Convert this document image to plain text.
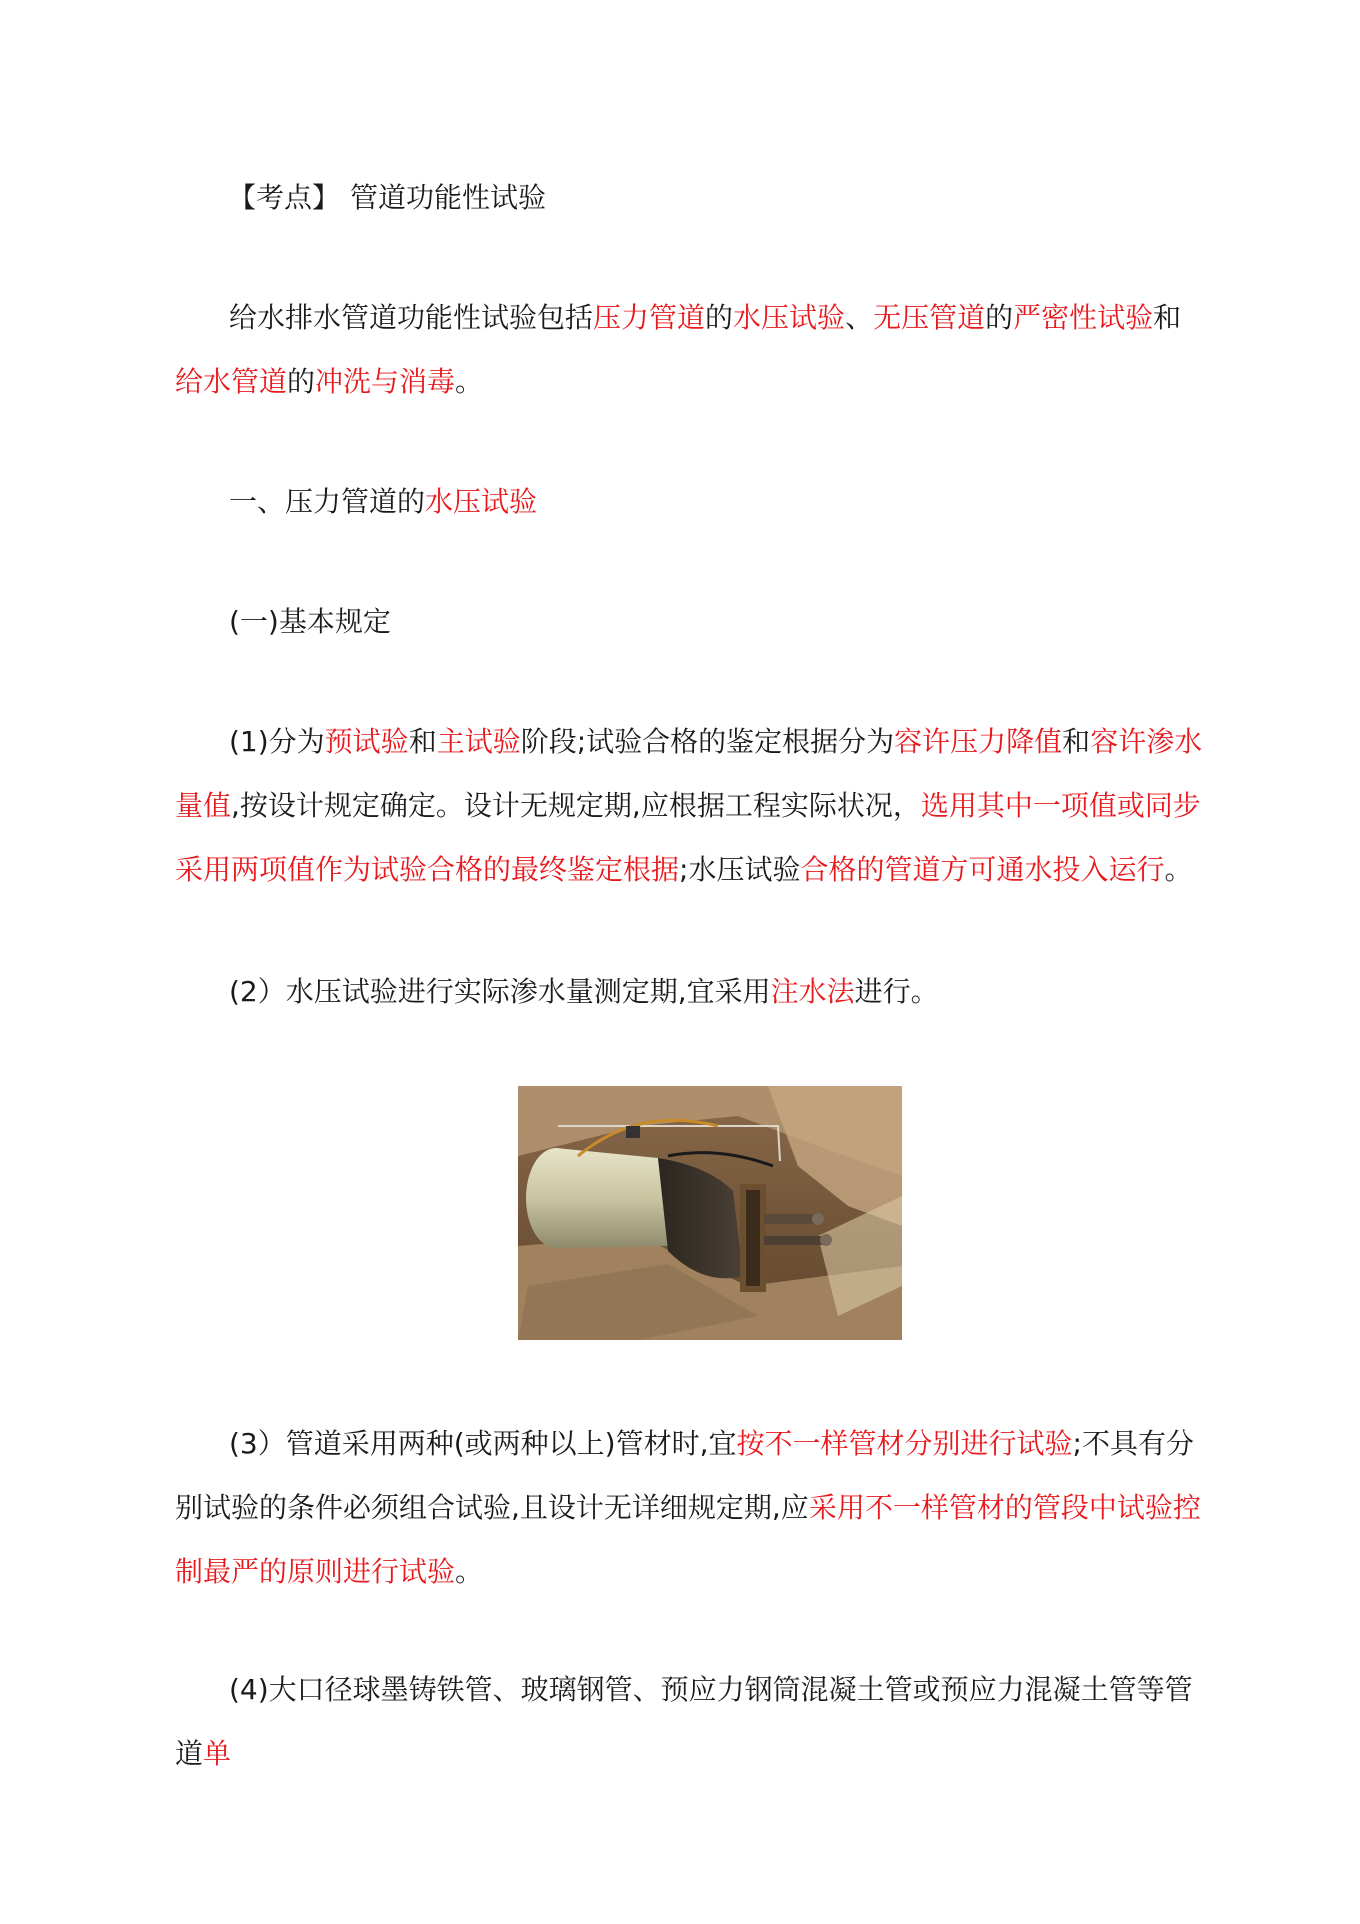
【考点】 管道功能性试验

给水排水管道功能性试验包括压力管道的水压试验、无压管道的严密性试验和给水管道的冲洗与消毒。

一、压力管道的水压试验

(一)基本规定

(1)分为预试验和主试验阶段;试验合格的鉴定根据分为容许压力降值和容许渗水量值,按设计规定确定。设计无规定期,应根据工程实际状况，选用其中一项值或同步采用两项值作为试验合格的最终鉴定根据;水压试验合格的管道方可通水投入运行。

(2）水压试验进行实际渗水量测定期,宜采用注水法进行。

(3）管道采用两种(或两种以上)管材时,宜按不一样管材分别进行试验;不具有分别试验的条件必须组合试验,且设计无详细规定期,应采用不一样管材的管段中试验控制最严的原则进行试验。

(4)大口径球墨铸铁管、玻璃钢管、预应力钢筒混凝土管或预应力混凝土管等管道单
